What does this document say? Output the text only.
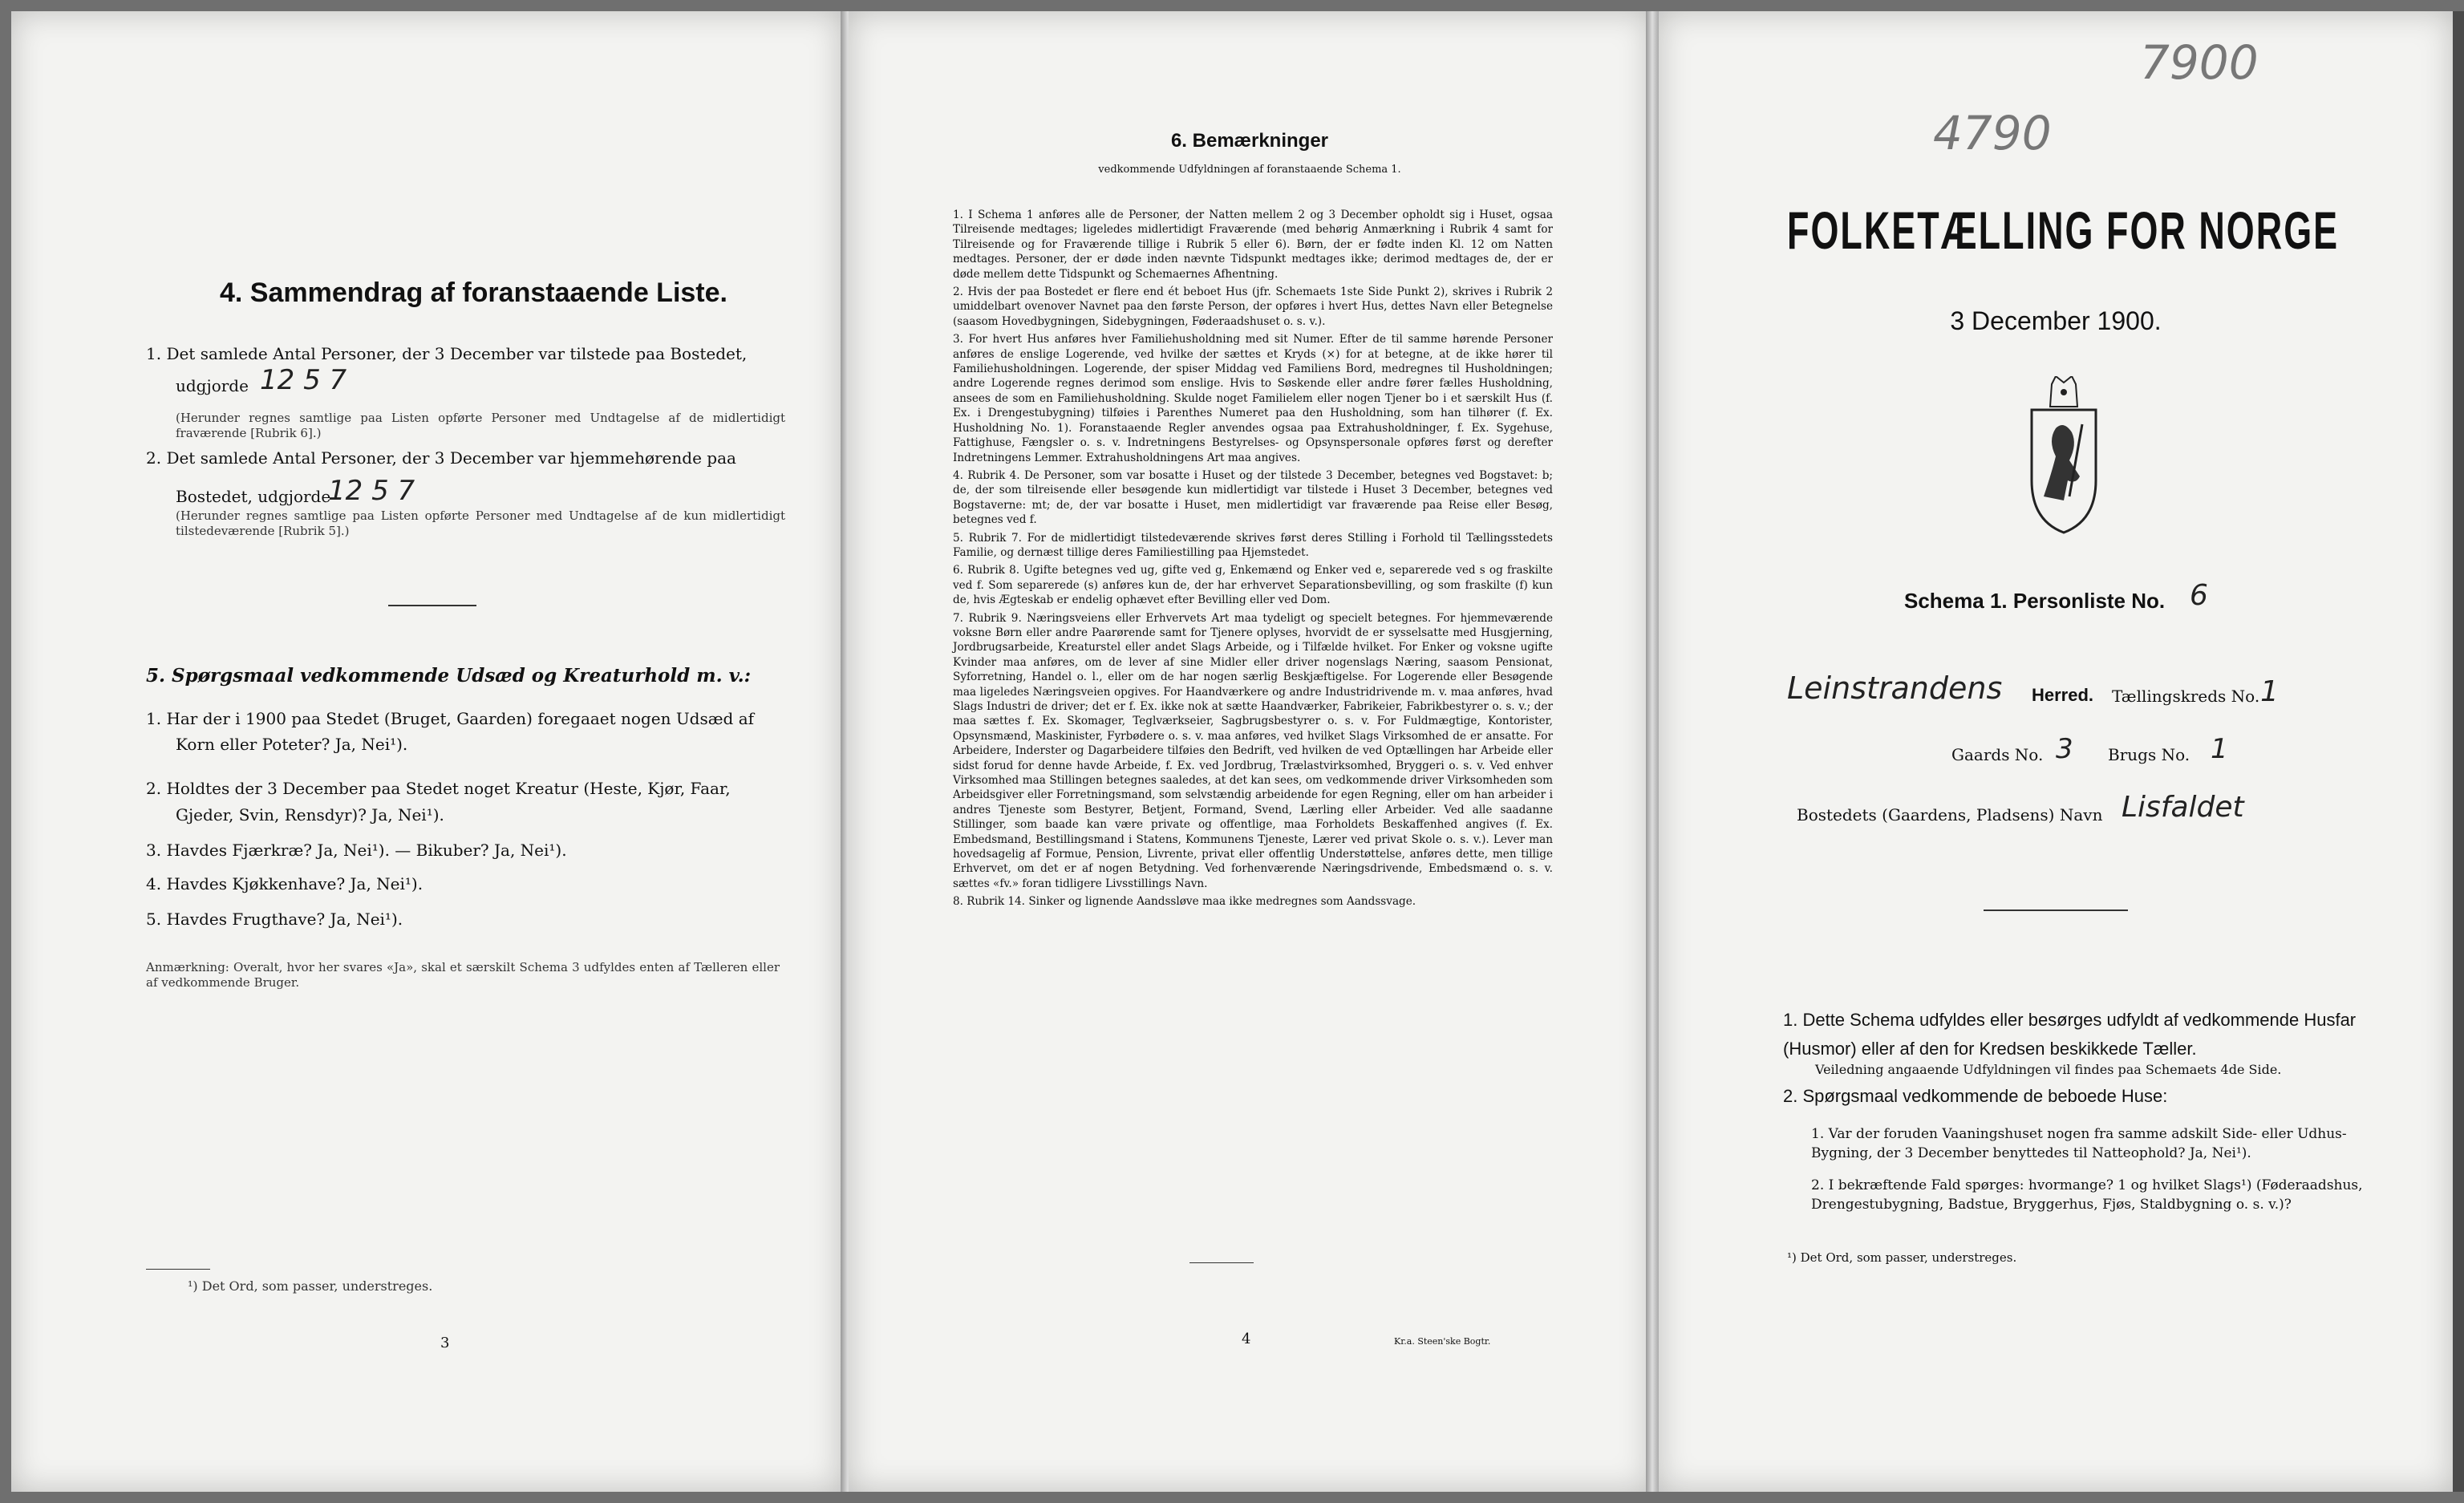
4. Sammendrag af foranstaaende Liste.
1. Det samlede Antal Personer, der 3 December var tilstede paa Bostedet,
udgjorde 12 5 7
(Herunder regnes samtlige paa Listen opførte Personer med Undtagelse af de midlertidigt fraværende [Rubrik 6].)
2. Det samlede Antal Personer, der 3 December var hjemmehørende paa
Bostedet, udgjorde
12 5 7
(Herunder regnes samtlige paa Listen opførte Personer med Undtagelse af de kun midlertidigt tilstedeværende [Rubrik 5].)
5. Spørgsmaal vedkommende Udsæd og Kreaturhold m. v.:
1. Har der i 1900 paa Stedet (Bruget, Gaarden) foregaaet nogen Udsæd af
Korn eller Poteter? Ja, Nei¹).
2. Holdtes der 3 December paa Stedet noget Kreatur (Heste, Kjør, Faar,
Gjeder, Svin, Rensdyr)? Ja, Nei¹).
3. Havdes Fjærkræ? Ja, Nei¹). — Bikuber? Ja, Nei¹).
4. Havdes Kjøkkenhave? Ja, Nei¹).
5. Havdes Frugthave? Ja, Nei¹).
Anmærkning: Overalt, hvor her svares «Ja», skal et særskilt Schema 3 udfyldes enten af Tælleren eller af vedkommende Bruger.
¹) Det Ord, som passer, understreges.
3
6. Bemærkninger
vedkommende Udfyldningen af foranstaaende Schema 1.
1. I Schema 1 anføres alle de Personer, der Natten mellem 2 og 3 December opholdt sig i Huset, ogsaa Tilreisende medtages; ligeledes midlertidigt Fraværende (med behørig Anmærkning i Rubrik 4 samt for Tilreisende og for Fraværende tillige i Rubrik 5 eller 6). Børn, der er fødte inden Kl. 12 om Natten medtages. Personer, der er døde inden nævnte Tidspunkt medtages ikke; derimod medtages de, der er døde mellem dette Tidspunkt og Schemaernes Afhentning.
2. Hvis der paa Bostedet er flere end ét beboet Hus (jfr. Schemaets 1ste Side Punkt 2), skrives i Rubrik 2 umiddelbart ovenover Navnet paa den første Person, der opføres i hvert Hus, dettes Navn eller Betegnelse (saasom Hovedbygningen, Sidebygningen, Føderaadshuset o. s. v.).
3. For hvert Hus anføres hver Familiehusholdning med sit Numer. Efter de til samme hørende Personer anføres de enslige Logerende, ved hvilke der sættes et Kryds (×) for at betegne, at de ikke hører til Familiehusholdningen. Logerende, der spiser Middag ved Familiens Bord, medregnes til Husholdningen; andre Logerende regnes derimod som enslige. Hvis to Søskende eller andre fører fælles Husholdning, ansees de som en Familiehusholdning. Skulde noget Familielem eller nogen Tjener bo i et særskilt Hus (f. Ex. i Drengestubygning) tilføies i Parenthes Numeret paa den Husholdning, som han tilhører (f. Ex. Husholdning No. 1). Foranstaaende Regler anvendes ogsaa paa Extrahusholdninger, f. Ex. Sygehuse, Fattighuse, Fængsler o. s. v. Indretningens Bestyrelses- og Opsynspersonale opføres først og derefter Indretningens Lemmer. Extrahusholdningens Art maa angives.
4. Rubrik 4. De Personer, som var bosatte i Huset og der tilstede 3 December, betegnes ved Bogstavet: b; de, der som tilreisende eller besøgende kun midlertidigt var tilstede i Huset 3 December, betegnes ved Bogstaverne: mt; de, der var bosatte i Huset, men midlertidigt var fraværende paa Reise eller Besøg, betegnes ved f.
5. Rubrik 7. For de midlertidigt tilstedeværende skrives først deres Stilling i Forhold til Tællingsstedets Familie, og dernæst tillige deres Familiestilling paa Hjemstedet.
6. Rubrik 8. Ugifte betegnes ved ug, gifte ved g, Enkemænd og Enker ved e, separerede ved s og fraskilte ved f. Som separerede (s) anføres kun de, der har erhvervet Separationsbevilling, og som fraskilte (f) kun de, hvis Ægteskab er endelig ophævet efter Bevilling eller ved Dom.
7. Rubrik 9. Næringsveiens eller Erhvervets Art maa tydeligt og specielt betegnes. For hjemmeværende voksne Børn eller andre Paarørende samt for Tjenere oplyses, hvorvidt de er sysselsatte med Husgjerning, Jordbrugsarbeide, Kreaturstel eller andet Slags Arbeide, og i Tilfælde hvilket. For Enker og voksne ugifte Kvinder maa anføres, om de lever af sine Midler eller driver nogenslags Næring, saasom Pensionat, Syforretning, Handel o. l., eller om de har nogen særlig Beskjæftigelse. For Logerende eller Besøgende maa ligeledes Næringsveien opgives. For Haandværkere og andre Industridrivende m. v. maa anføres, hvad Slags Industri de driver; det er f. Ex. ikke nok at sætte Haandværker, Fabrikeier, Fabrikbestyrer o. s. v.; der maa sættes f. Ex. Skomager, Teglværkseier, Sagbrugsbestyrer o. s. v. For Fuldmægtige, Kontorister, Opsynsmænd, Maskinister, Fyrbødere o. s. v. maa anføres, ved hvilket Slags Virksomhed de er ansatte. For Arbeidere, Inderster og Dagarbeidere tilføies den Bedrift, ved hvilken de ved Optællingen har Arbeide eller sidst forud for denne havde Arbeide, f. Ex. ved Jordbrug, Trælastvirksomhed, Bryggeri o. s. v. Ved enhver Virksomhed maa Stillingen betegnes saaledes, at det kan sees, om vedkommende driver Virksomheden som Arbeidsgiver eller Forretningsmand, som selvstændig arbeidende for egen Regning, eller om han arbeider i andres Tjeneste som Bestyrer, Betjent, Formand, Svend, Lærling eller Arbeider. Ved alle saadanne Stillinger, som baade kan være private og offentlige, maa Forholdets Beskaffenhed angives (f. Ex. Embedsmand, Bestillingsmand i Statens, Kommunens Tjeneste, Lærer ved privat Skole o. s. v.). Lever man hovedsagelig af Formue, Pension, Livrente, privat eller offentlig Understøttelse, anføres dette, men tillige Erhvervet, om det er af nogen Betydning. Ved forhenværende Næringsdrivende, Embedsmænd o. s. v. sættes «fv.» foran tidligere Livsstillings Navn.
8. Rubrik 14. Sinker og lignende Aandssløve maa ikke medregnes som Aandssvage.
4	Kr.a. Steen'ske Bogtr.
7900
4790
FOLKETÆLLING FOR NORGE
3 December 1900.
Schema 1. Personliste No. 6
Leinstrandens Herred. Tællingskreds No. 1
Gaards No. 3 Brugs No. 1
Bostedets (Gaardens, Pladsens) Navn Lisfaldet
1. Dette Schema udfyldes eller besørges udfyldt af vedkommende Husfar (Husmor) eller af den for Kredsen beskikkede Tæller.
Veiledning angaaende Udfyldningen vil findes paa Schemaets 4de Side.
2. Spørgsmaal vedkommende de beboede Huse:
1. Var der foruden Vaaningshuset nogen fra samme adskilt Side- eller Udhus-Bygning, der 3 December benyttedes til Natteophold? Ja, Nei¹).
2. I bekræftende Fald spørges: hvormange? 1 og hvilket Slags¹) (Føderaadshus, Drengestubygning, Badstue, Bryggerhus, Fjøs, Staldbygning o. s. v.)?
¹) Det Ord, som passer, understreges.
